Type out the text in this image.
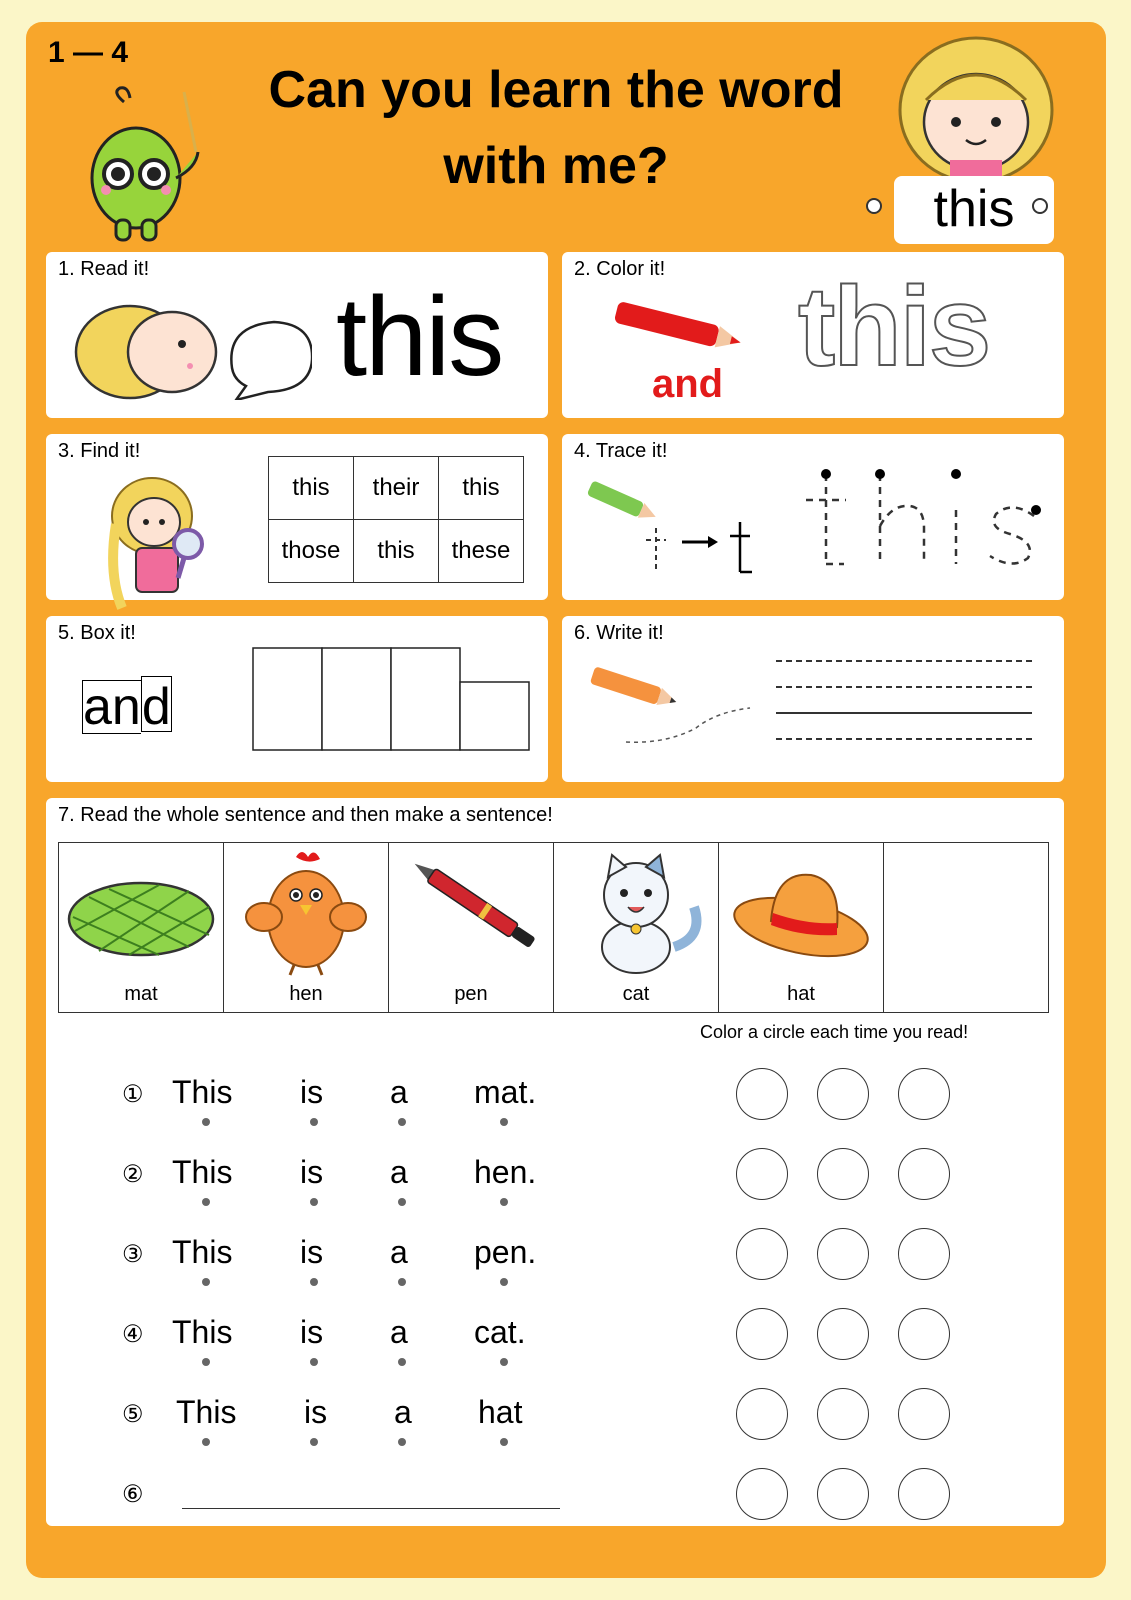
1 — 4
Can you learn the word
with me?
this
1. Read it!
this
2. Color it!
and this
3. Find it!
this	their	this
those	this	these
4. Trace it!
5. Box it!
a n d
6. Write it!
7. Read the whole sentence and then make a sentence!
mat	hen	pen	cat	hat	
Color a circle each time you read!
① This is a mat.
② This is a hen.
③ This is a pen.
④ This is a cat.
⑤ This is a hat
⑥
